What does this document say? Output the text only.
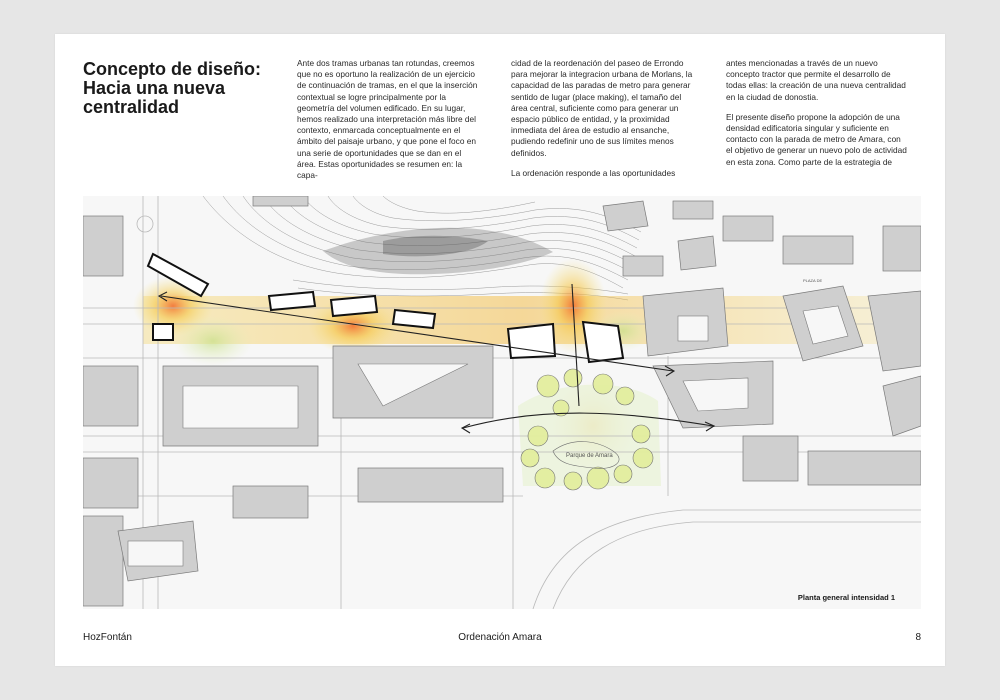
Concepto de diseño:
Hacia una nueva
centralidad

Ante dos tramas urbanas tan rotundas, creemos que no es oportuno la realización de un ejercicio de continuación de tramas, en el que la inserción contextual se logre principalmente por la geometría del volumen edificado. En su lugar, hemos realizado una interpretación más libre del contexto, enmarcada conceptualmente en el ámbito del paisaje urbano, y que pone el foco en una serie de oportunidades que se dan en el área. Estas oportunidades se resumen en: la capa-

cidad de la reordenación del paseo de Errondo para mejorar la integracion urbana de Morlans, la capacidad de las paradas de metro para generar sentido de lugar (place making), el tamaño del área central, suficiente como para generar un espacio público de entidad, y la proximidad inmediata del área de estudio al ensanche, pudiendo redefinir uno de sus límites menos definidos.

La ordenación responde a las oportunidades

antes mencionadas a través de un nuevo concepto tractor que permite el desarrollo de todas ellas: la creación de una nueva centralidad en la ciudad de donostia.

El presente diseño propone la adopción de una densidad edificatoria singular y suficiente en contacto con la parada de metro de Amara, con el objetivo de generar un nuevo polo de actividad en esta zona. Como parte de la estrategia de

Parque de Amara
PLAZA DE
Planta general intensidad 1
HozFontán	Ordenación Amara	8
